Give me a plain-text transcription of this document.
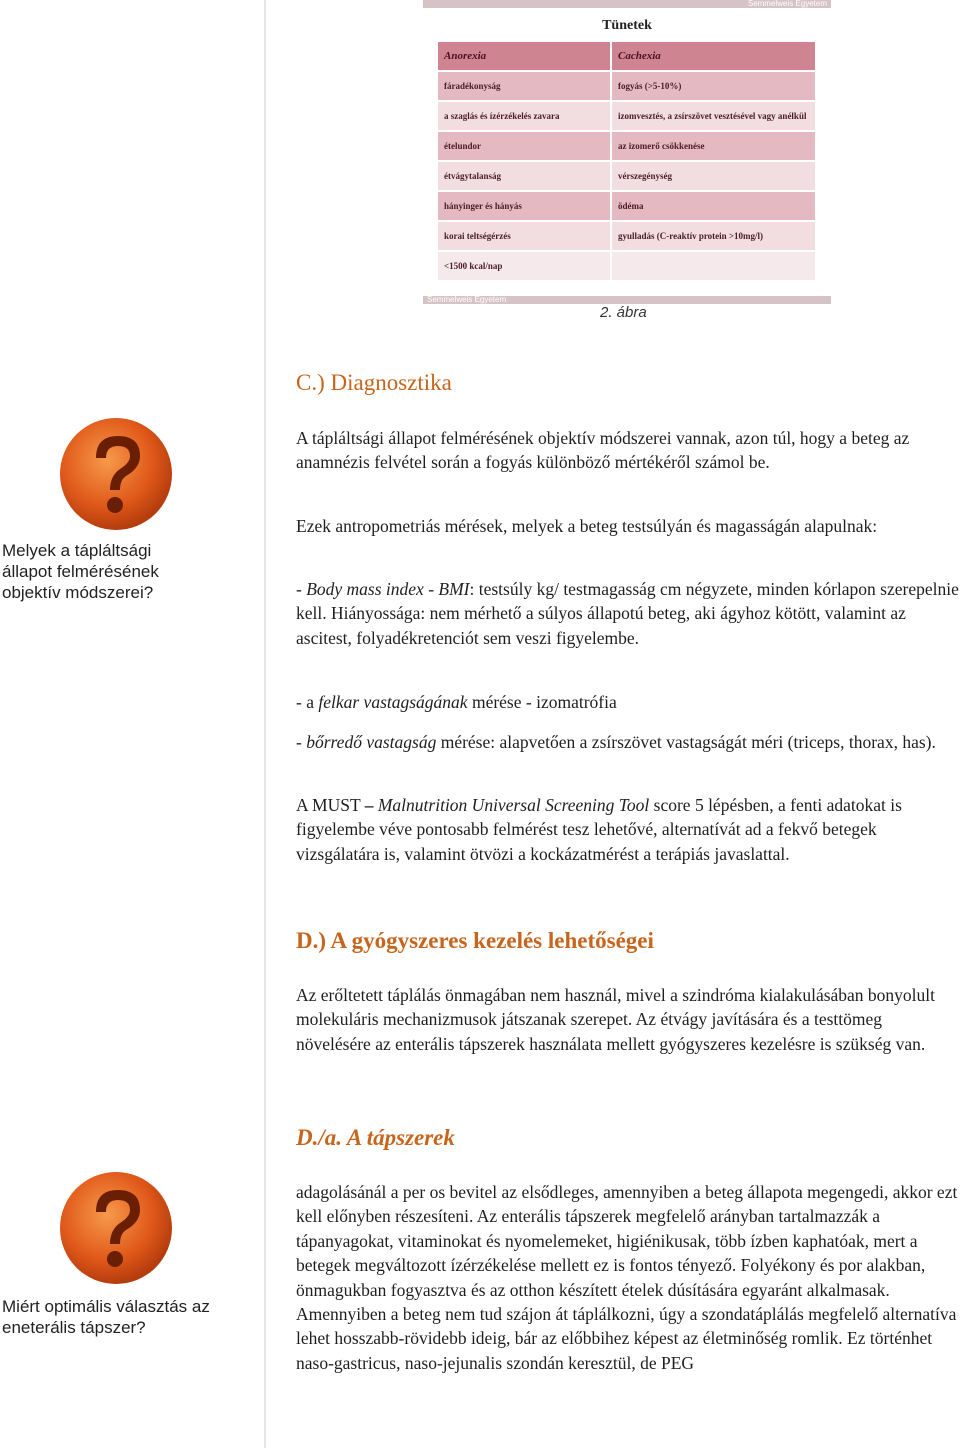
Semmelweis Egyetem
Tünetek
Anorexia	Cachexia
fáradékonyság	fogyás (>5-10%)
a szaglás és ízérzékelés zavara	izomvesztés, a zsírszövet vesztésével vagy anélkül
ételundor	az izomerő csökkenése
étvágytalanság	vérszegénység
hányinger és hányás	ödéma
korai teltségérzés	gyulladás (C-reaktív protein >10mg/l)
<1500 kcal/nap
Semmelweis Egyetem
2. ábra
Melyek a tápláltsági állapot felmérésének objektív módszerei?
Miért optimális választás az eneterális tápszer?
C.) Diagnosztika
A tápláltsági állapot felmérésének objektív módszerei vannak, azon túl, hogy a beteg az anamnézis felvétel során a fogyás különböző mértékéről számol be.
Ezek antropometriás mérések, melyek a beteg testsúlyán és magasságán alapulnak:
- Body mass index - BMI: testsúly kg/ testmagasság cm négyzete, minden kórlapon szerepelnie kell. Hiányossága: nem mérhető a súlyos állapotú beteg, aki ágyhoz kötött, valamint az ascitest, folyadékretenciót sem veszi figyelembe.
- a felkar vastagságának mérése - izomatrófia
- bőrredő vastagság mérése: alapvetően a zsírszövet vastagságát méri (triceps, thorax, has).
A MUST – Malnutrition Universal Screening Tool score 5 lépésben, a fenti adatokat is figyelembe véve pontosabb felmérést tesz lehetővé, alternatívát ad a fekvő betegek vizsgálatára is, valamint ötvözi a kockázatmérést a terápiás javaslattal.
D.) A gyógyszeres kezelés lehetőségei
Az erőltetett táplálás önmagában nem használ, mivel a szindróma kialakulásában bonyolult molekuláris mechanizmusok játszanak szerepet. Az étvágy javítására és a testtömeg növelésére az enterális tápszerek használata mellett gyógyszeres kezelésre is szükség van.
D./a. A tápszerek
adagolásánál a per os bevitel az elsődleges, amennyiben a beteg állapota megengedi, akkor ezt kell előnyben részesíteni. Az enterális tápszerek megfelelő arányban tartalmazzák a tápanyagokat, vitaminokat és nyomelemeket, higiénikusak, több ízben kaphatóak, mert a betegek megváltozott ízérzékelése mellett ez is fontos tényező. Folyékony és por alakban, önmagukban fogyasztva és az otthon készített ételek dúsítására egyaránt alkalmasak. Amennyiben a beteg nem tud szájon át táplálkozni, úgy a szondatáplálás megfelelő alternatíva lehet hosszabb-rövidebb ideig, bár az előbbihez képest az életminőség romlik. Ez történhet naso-gastricus, naso-jejunalis szondán keresztül, de PEG
